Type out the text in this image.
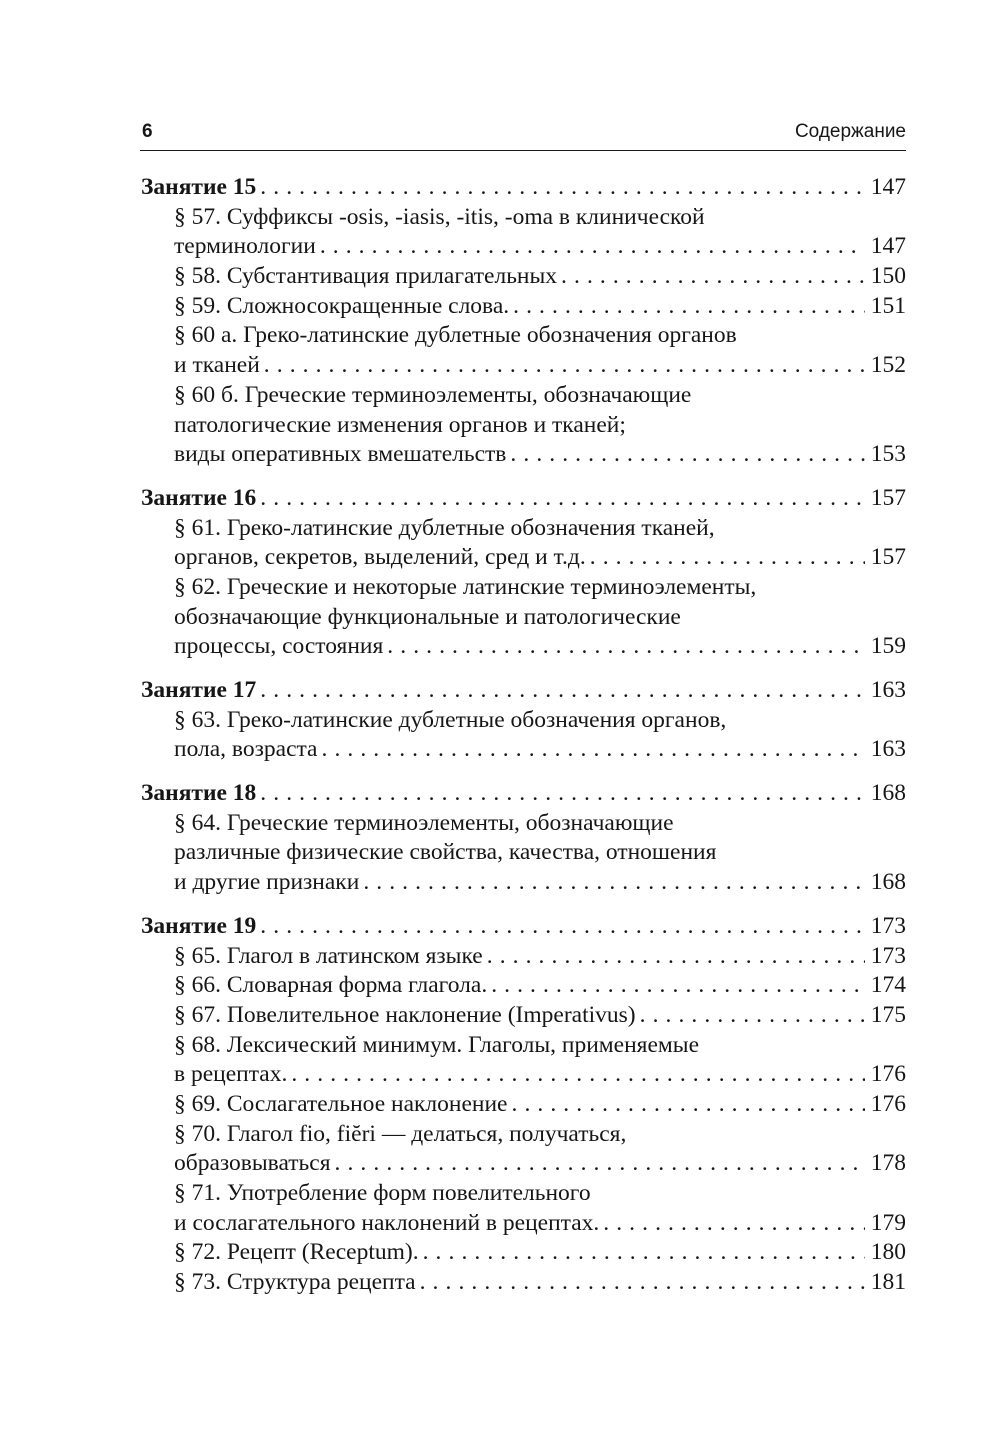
6	Содержание
Занятие 15 . . .	147
§ 57. Суффиксы -osis, -iasis, -itis, -oma в клинической
терминологии . . .	147
§ 58. Субстантивация прилагательных . . .	150
§ 59. Сложносокращенные слова. . . .	151
§ 60 а. Греко-латинские дублетные обозначения органов
и тканей . . .	152
§ 60 б. Греческие терминоэлементы, обозначающие
патологические изменения органов и тканей;
виды оперативных вмешательств . . .	153
Занятие 16 . . .	157
§ 61. Греко-латинские дублетные обозначения тканей,
органов, секретов, выделений, сред и т.д. . . .	157
§ 62. Греческие и некоторые латинские терминоэлементы,
обозначающие функциональные и патологические
процессы, состояния . . .	159
Занятие 17 . . .	163
§ 63. Греко-латинские дублетные обозначения органов,
пола, возраста . . .	163
Занятие 18 . . .	168
§ 64. Греческие терминоэлементы, обозначающие
различные физические свойства, качества, отношения
и другие признаки . . .	168
Занятие 19 . . .	173
§ 65. Глагол в латинском языке . . .	173
§ 66. Словарная форма глагола. . . .	174
§ 67. Повелительное наклонение (Imperativus) . . .	175
§ 68. Лексический минимум. Глаголы, применяемые
в рецептах. . . .	176
§ 69. Сослагательное наклонение . . .	176
§ 70. Глагол fio, fiĕri — делаться, получаться,
образовываться . . .	178
§ 71. Употребление форм повелительного
и сослагательного наклонений в рецептах. . . .	179
§ 72. Рецепт (Receptum). . . .	180
§ 73. Структура рецепта . . .	181
